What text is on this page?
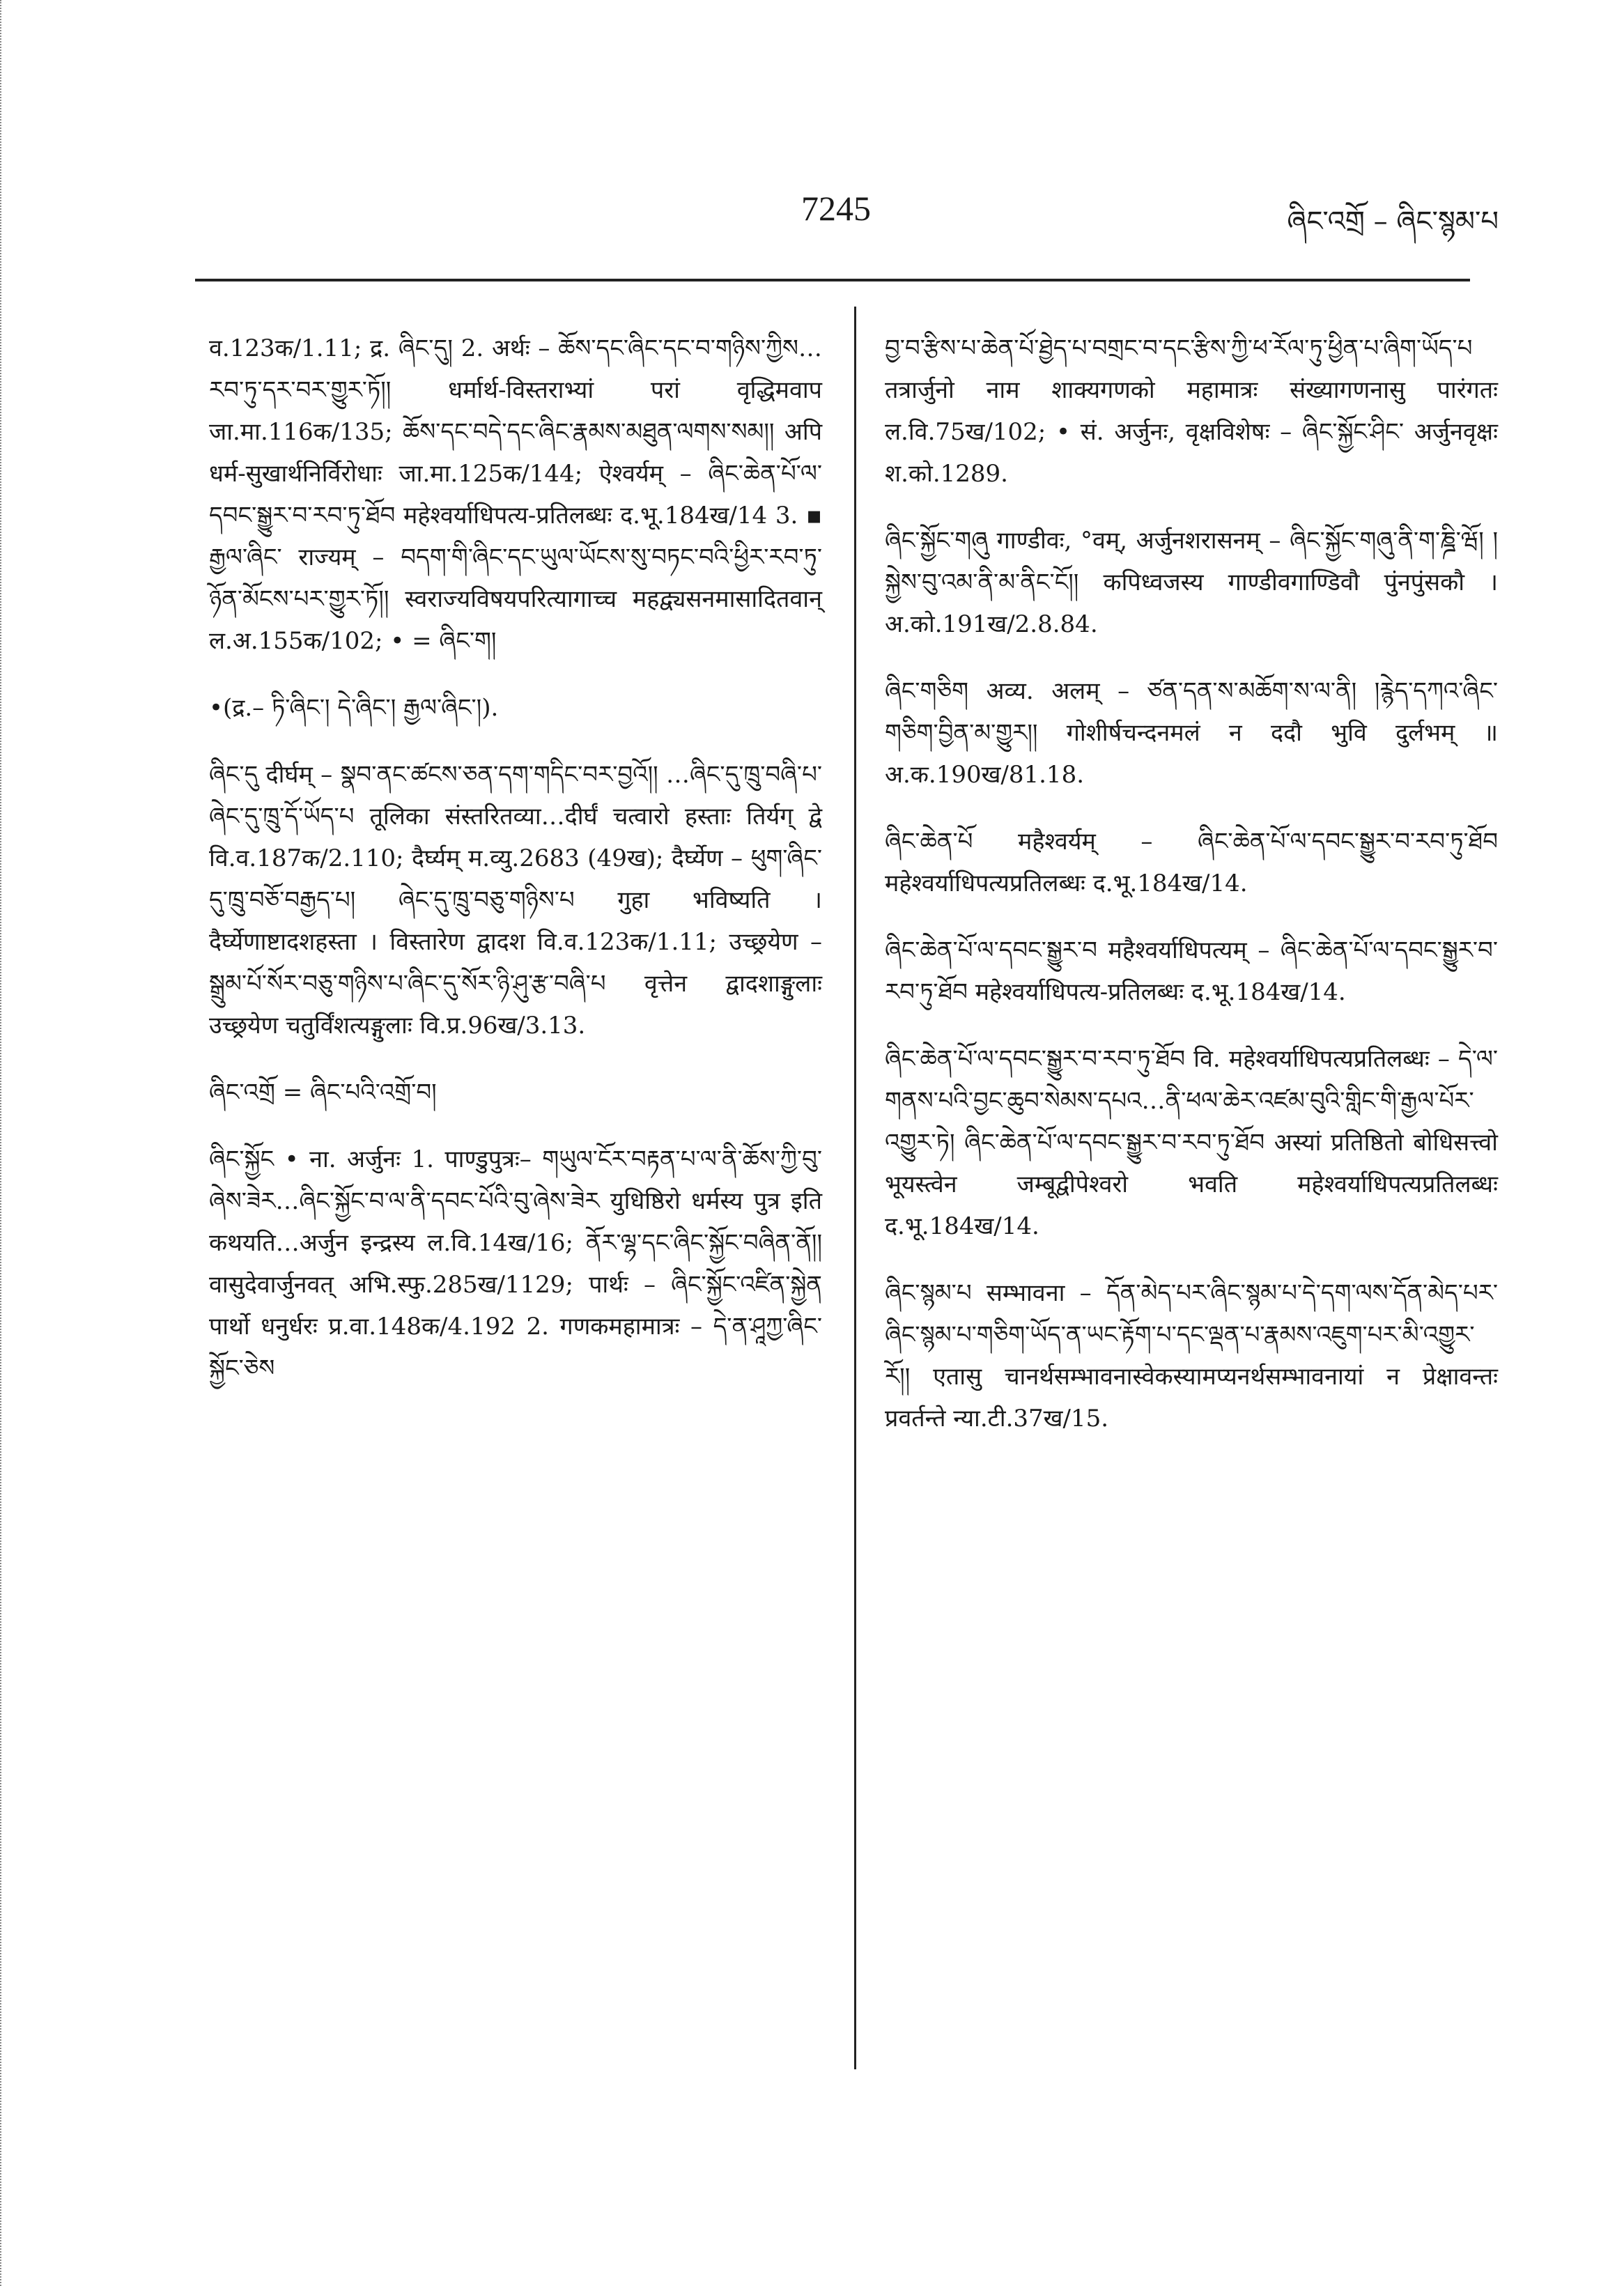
7245	ཞིང་འགྲོ – ཞིང་སྙམ་པ

व.123क/1.11; द्र. ཞིང་དུ། 2. अर्थः – ཆོས་དང་ཞིང་དང་བ་གཉིས་ཀྱིས…རབ་ཏུ་དར་བར་གྱུར་ཏོ།། धर्मार्थ-विस्तराभ्यां परां वृद्धिमवाप जा.मा.116क/135; ཆོས་དང་བདེ་དང་ཞིང་རྣམས་མཐུན་ལགས་སམ།། अपि धर्म-सुखार्थनिर्विरोधाः जा.मा.125क/144; ऐश्वर्यम् – ཞིང་ཆེན་པོ་ལ་དབང་སྒྱུར་བ་རབ་ཏུ་ཐོབ महेश्वर्याधिपत्य-प्रतिलब्धः द.भू.184ख/14 3. ▪ རྒྱལ་ཞིང་ राज्यम् – བདག་གི་ཞིང་དང་ཡུལ་ཡོངས་སུ་བཏང་བའི་ཕྱིར་རབ་ཏུ་ཉོན་མོངས་པར་གྱུར་ཏོ།། स्वराज्यविषयपरित्यागाच्च महद्व्यसनमासादितवान् ल.अ.155क/102; • = ཞིང་ག།

•(द्र.– ཏི་ཞིང་། དེ་ཞིང་། རྒྱལ་ཞིང་།).

ཞིང་དུ दीर्घम् – སྣབ་ནང་ཚངས་ཅན་དག་གདིང་བར་བྱའོ།། …ཞིང་དུ་ཁྲུ་བཞི་པ་ཞེང་དུ་ཁྲུ་དོ་ཡོད་པ तूलिका संस्तरितव्या…दीर्घं चत्वारो हस्ताः तिर्यग् द्वे वि.व.187क/2.110; दैर्घ्यम् म.व्यु.2683 (49ख); दैर्घ्येण – ཕུག་ཞིང་དུ་ཁྲུ་བཅོ་བརྒྱད་པ། ཞེང་དུ་ཁྲུ་བཅུ་གཉིས་པ गुहा भविष्यति । दैर्घ्येणाष्टादशहस्ता । विस्तारेण द्वादश वि.व.123क/1.11; उच्छ्रयेण – སྒྲུམ་པོ་སོར་བཅུ་གཉིས་པ་ཞིང་དུ་སོར་ཉི་ཤུ་རྩ་བཞི་པ वृत्तेन द्वादशाङ्गुलाः उच्छ्रयेण चतुर्विंशत्यङ्गुलाः वि.प्र.96ख/3.13.

ཞིང་འགྲོ = ཞིང་པའི་འགྲོ་བ།

ཞིང་སྐྱོང • ना. अर्जुनः 1. पाण्डुपुत्रः– གཡུལ་ངོར་བརྟན་པ་ལ་ནི་ཆོས་ཀྱི་བུ་ཞེས་ཟེར…ཞིང་སྐྱོང་བ་ལ་ནི་དབང་པོའི་བུ་ཞེས་ཟེར युधिष्ठिरो धर्मस्य पुत्र इति कथयति…अर्जुन इन्द्रस्य ल.वि.14ख/16; ནོར་ལྷ་དང་ཞིང་སྐྱོང་བཞིན་ནོ།། वासुदेवार्जुनवत् अभि.स्फु.285ख/1129; पार्थः – ཞིང་སྐྱོང་འཛིན་སྐྱེན पार्थो धनुर्धरः प्र.वा.148क/4.192 2. गणकमहामात्रः – དེ་ན་ཤཱཀྱ་ཞིང་སྐྱོང་ཅེས

བྱ་བ་རྩིས་པ་ཆེན་པོ་ཐྱེད་པ་བགྲང་བ་དང་རྩིས་ཀྱི་ཕ་རོལ་ཏུ་ཕྱིན་པ་ཞིག་ཡོད་པ तत्रार्जुनो नाम शाक्यगणको महामात्रः संख्यागणनासु पारंगतः ल.वि.75ख/102; • सं. अर्जुनः, वृक्षविशेषः – ཞིང་སྐྱོང་ཤིང་ अर्जुनवृक्षः श.को.1289.

ཞིང་སྐྱོང་གཞུ गाण्डीवः, °वम्, अर्जुनशरासनम् – ཞིང་སྐྱོང་གཞུ་ནི་ག་ཎྜི་ཝོ། །སྐྱེས་བུ་འམ་ནི་མ་ནིང་ངོ།། कपिध्वजस्य गाण्डीवगाण्डिवौ पुंनपुंसकौ । अ.को.191ख/2.8.84.

ཞིང་གཅིག अव्य. अलम् – ཙན་དན་ས་མཆོག་ས་ལ་ནི། །རྙེད་དཀའ་ཞིང་གཅིག་བྱིན་མ་གྱུར།། गोशीर्षचन्दनमलं न ददौ भुवि दुर्लभम् ॥ अ.क.190ख/81.18.

ཞིང་ཆེན་པོ महैश्वर्यम् – ཞིང་ཆེན་པོ་ལ་དབང་སྒྱུར་བ་རབ་ཏུ་ཐོབ महेश्वर्याधिपत्यप्रतिलब्धः द.भू.184ख/14.

ཞིང་ཆེན་པོ་ལ་དབང་སྒྱུར་བ महैश्वर्याधिपत्यम् – ཞིང་ཆེན་པོ་ལ་དབང་སྒྱུར་བ་རབ་ཏུ་ཐོབ महेश्वर्याधिपत्य-प्रतिलब्धः द.भू.184ख/14.

ཞིང་ཆེན་པོ་ལ་དབང་སྒྱུར་བ་རབ་ཏུ་ཐོབ वि. महेश्वर्याधिपत्यप्रतिलब्धः – དེ་ལ་གནས་པའི་བྱང་ཆུབ་སེམས་དཔའ…ནི་ཕལ་ཆེར་འཛམ་བུའི་གླིང་གི་རྒྱལ་པོར་འགྱུར་ཏེ། ཞིང་ཆེན་པོ་ལ་དབང་སྒྱུར་བ་རབ་ཏུ་ཐོབ अस्यां प्रतिष्ठितो बोधिसत्त्वो भूयस्त्वेन जम्बूद्वीपेश्वरो भवति महेश्वर्याधिपत्यप्रतिलब्धः द.भू.184ख/14.

ཞིང་སྙམ་པ सम्भावना – དོན་མེད་པར་ཞིང་སྙམ་པ་དེ་དག་ལས་དོན་མེད་པར་ཞིང་སྙམ་པ་གཅིག་ཡོད་ན་ཡང་རྟོག་པ་དང་ལྡན་པ་རྣམས་འཇུག་པར་མི་འགྱུར་རོ།། एतासु चानर्थसम्भावनास्वेकस्यामप्यनर्थसम्भावनायां न प्रेक्षावन्तः प्रवर्तन्ते न्या.टी.37ख/15.
